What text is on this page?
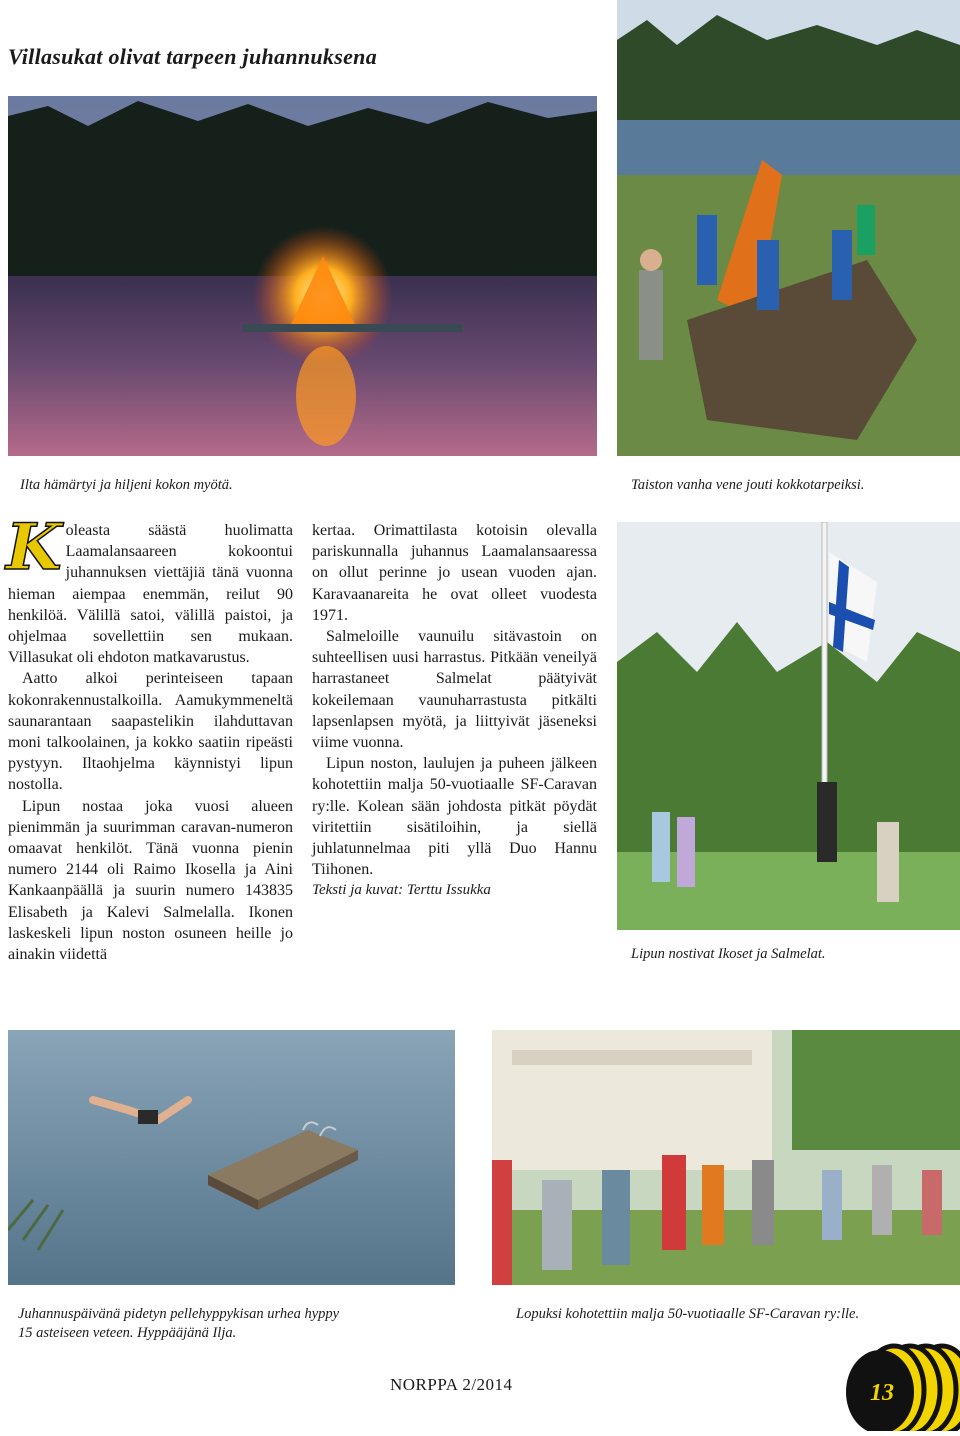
Villasukat olivat tarpeen juhannuksena
Ilta hämärtyi ja hiljeni kokon myötä.	Taiston vanha vene jouti kokkotarpeiksi.

K oleasta säästä huolimatta Laamalansaareen kokoontui juhannuksen viettäjiä tänä vuonna hieman aiempaa enemmän, reilut 90 henkilöä. Välillä satoi, välillä paistoi, ja ohjelmaa sovellettiin sen mukaan. Villasukat oli ehdoton matkavarustus.

Aatto alkoi perinteiseen tapaan kokonrakennustalkoilla. Aamukymmeneltä saunarantaan saapastelikin ilahduttavan moni talkoolainen, ja kokko saatiin ripeästi pystyyn. Iltaohjelma käynnistyi lipun nostolla.

Lipun nostaa joka vuosi alueen pienimmän ja suurimman caravan-numeron omaavat henkilöt. Tänä vuonna pienin numero 2144 oli Raimo Ikosella ja Aini Kankaanpäällä ja suurin numero 143835 Elisabeth ja Kalevi Salmelalla. Ikonen laskeskeli lipun noston osuneen heille jo ainakin viidettä

kertaa. Orimattilasta kotoisin olevalla pariskunnalla juhannus Laamalansaaressa on ollut perinne jo usean vuoden ajan. Karavaanareita he ovat olleet vuodesta 1971.

Salmeloille vaunuilu sitävastoin on suhteellisen uusi harrastus. Pitkään veneilyä harrastaneet Salmelat päätyivät kokeilemaan vaunuharrastusta pitkälti lapsenlapsen myötä, ja liittyivät jäseneksi viime vuonna.

Lipun noston, laulujen ja puheen jälkeen kohotettiin malja 50-vuotiaalle SF-Caravan ry:lle. Kolean sään johdosta pitkät pöydät viritettiin sisätiloihin, ja siellä juhlatunnelmaa piti yllä Duo Hannu Tiihonen.

Teksti ja kuvat: Terttu Issukka

Lipun nostivat Ikoset ja Salmelat.
Juhannuspäivänä pidetyn pellehyppykisan urhea hyppy
15 asteiseen veteen. Hyppääjänä Ilja.
Lopuksi kohotettiin malja 50-vuotiaalle SF-Caravan ry:lle.
NORPPA 2/2014	13
